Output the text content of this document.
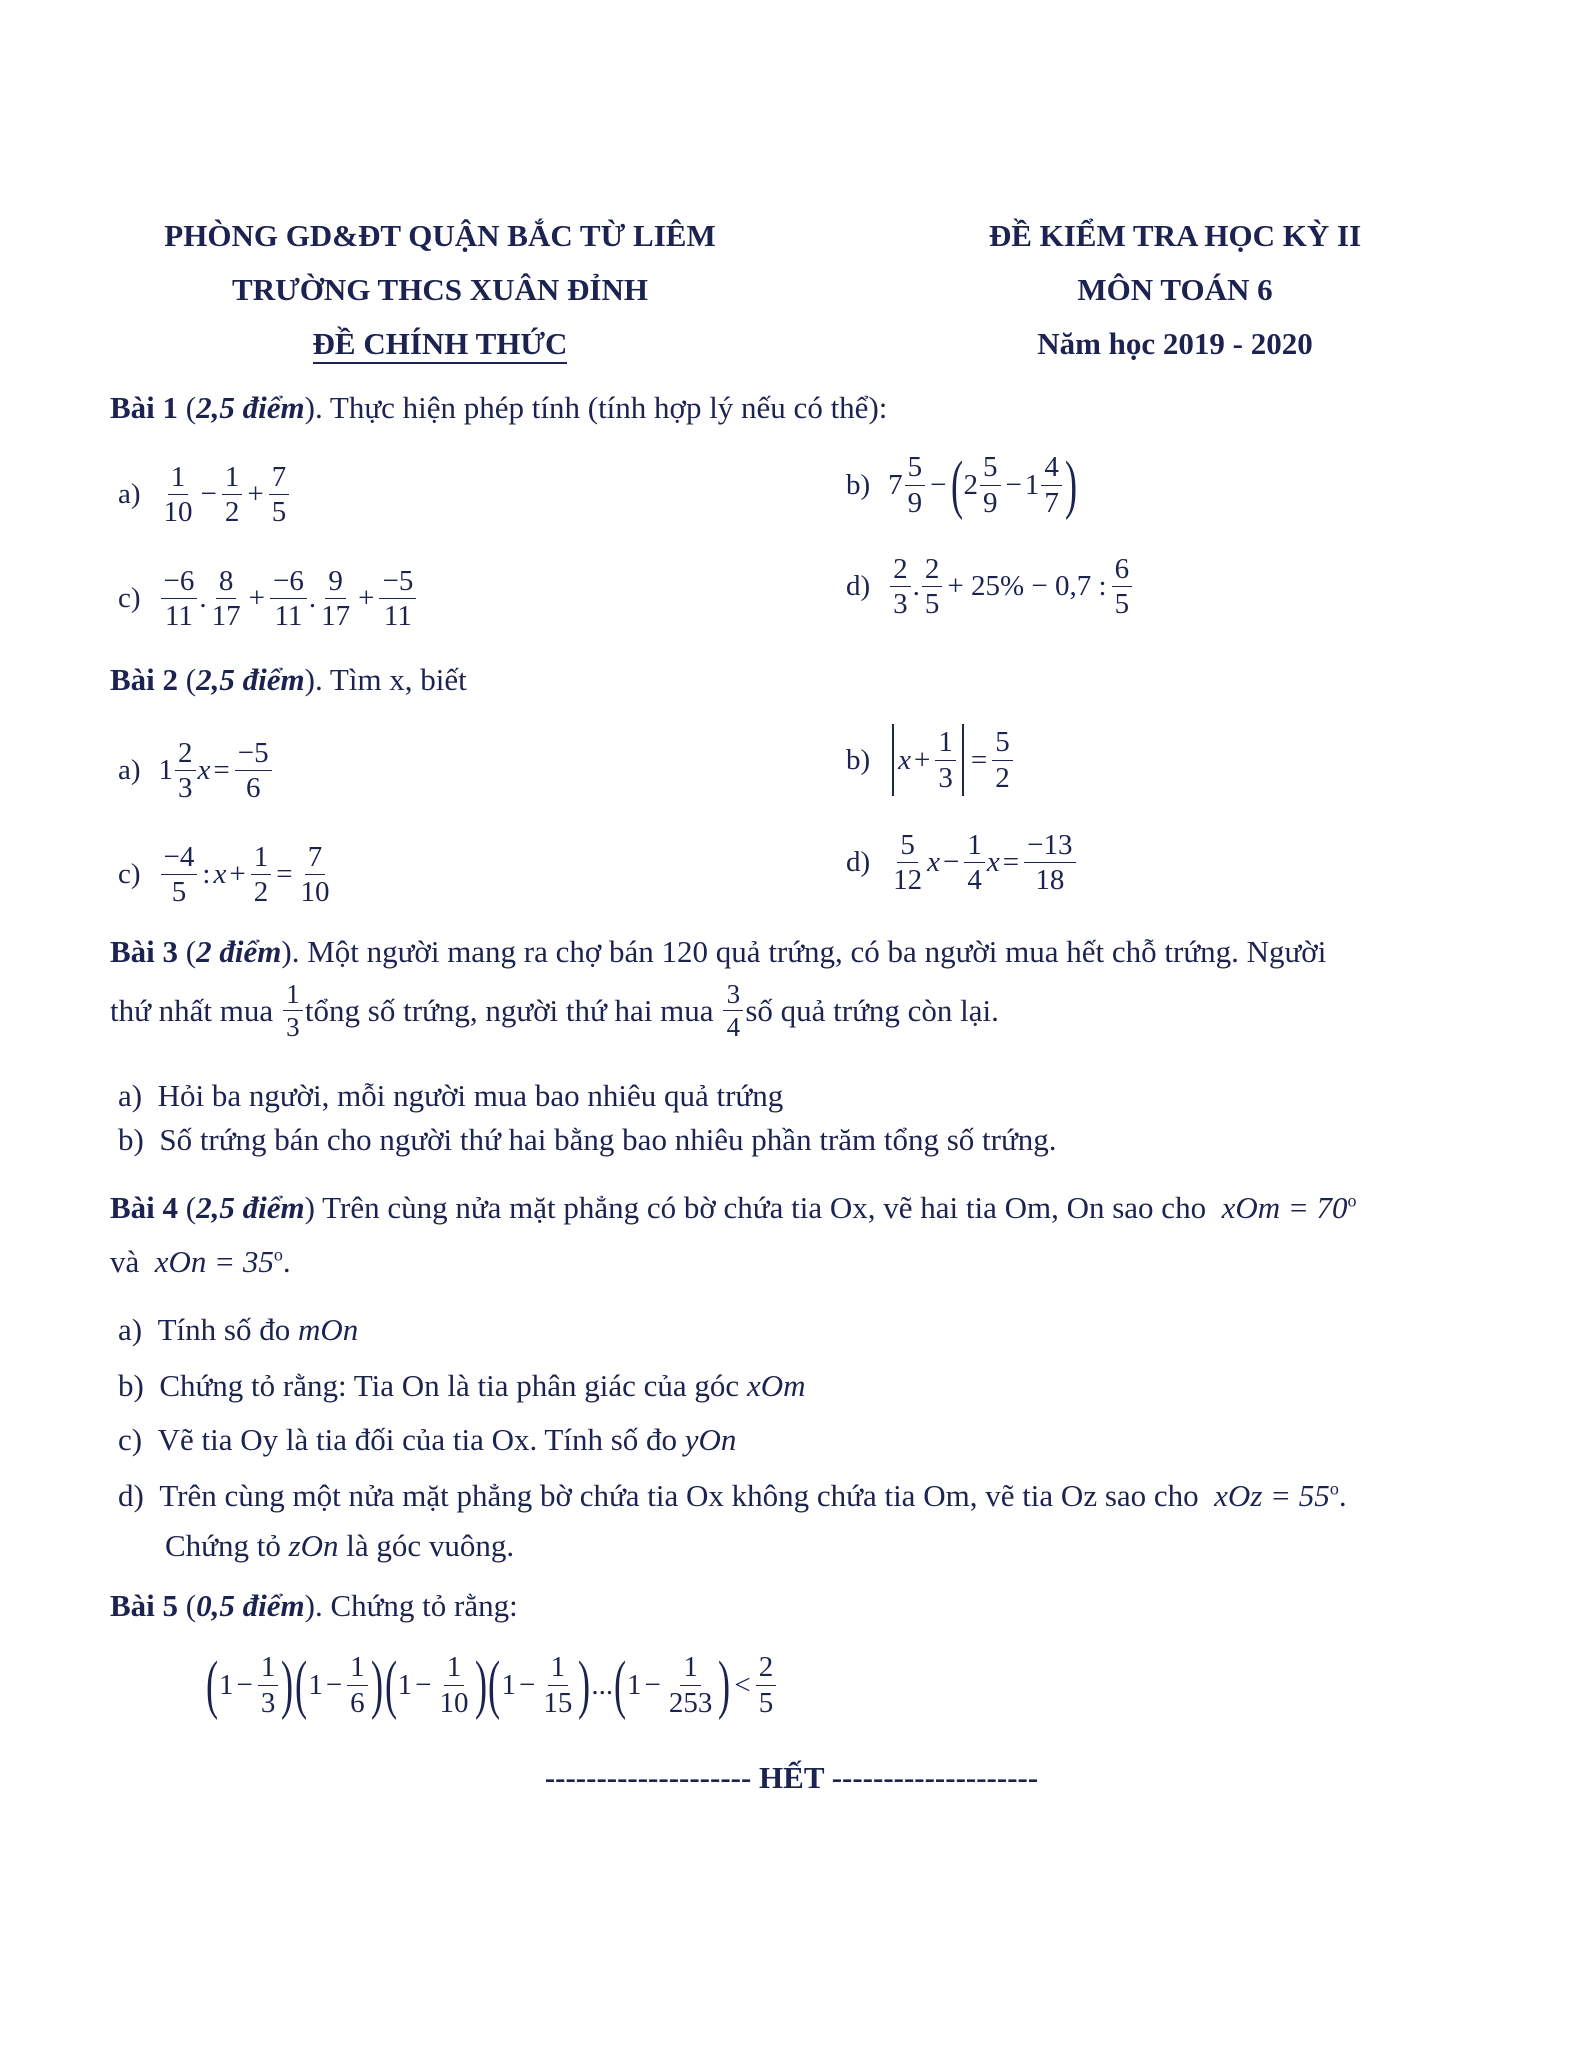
PHÒNG GD&ĐT QUẬN BẮC TỪ LIÊM
TRƯỜNG THCS XUÂN ĐỈNH
ĐỀ CHÍNH THỨC
ĐỀ KIỂM TRA HỌC KỲ II
MÔN TOÁN 6
Năm học 2019 - 2020
Bài 1 (2,5 điểm). Thực hiện phép tính (tính hợp lý nếu có thể):
$a) \frac{1}{10} - \frac{1}{2} + \frac{7}{5}$	b) $7 \frac{5}{9}$ − ( $2 \frac{5}{9} - 1 \frac{4}{7}$ )
$c) \frac{-6}{11}$ . $\frac{8}{17} + \frac{-6}{11}$ . $\frac{9}{17} + \frac{-5}{11}$	$d) \frac{2}{3}$ . $\frac{2}{5} + 25\% - 0,7$ : $\frac{6}{5}$
Bài 2 (2,5 điểm). Tìm x, biết
a) $1 \frac{2}{3}$ $x = \frac{-5}{6}$	b) $x + \frac{1}{3} = \frac{5}{2}$
$c) \frac{-4}{5}$ : $x + \frac{1}{2} = \frac{7}{10}$	$d) \frac{5}{12}$ $x - \frac{1}{4}$ $x = \frac{-13}{18}$
Bài 3 (2 điểm). Một người mang ra chợ bán 120 quả trứng, có ba người mua hết chỗ trứng. Người
thứ nhất mua
$\frac{1}{3}$ tổng số trứng, người thứ hai mua
$\frac{3}{4}$ số quả trứng còn lại.
a) Hỏi ba người, mỗi người mua bao nhiêu quả trứng
b) Số trứng bán cho người thứ hai bằng bao nhiêu phần trăm tổng số trứng.
Bài 4 (2,5 điểm) Trên cùng nửa mặt phẳng có bờ chứa tia Ox, vẽ hai tia Om, On sao cho xOm = $70^o$
và xOn = $35^o$.
a) Tính số đo mOn
b) Chứng tỏ rằng: Tia On là tia phân giác của góc xOm
c) Vẽ tia Oy là tia đối của tia Ox. Tính số đo yOn
d) Trên cùng một nửa mặt phẳng bờ chứa tia Ox không chứa tia Om, vẽ tia Oz sao cho xOz = $55^o$.
Chứng tỏ zOn là góc vuông.
Bài 5 (0,5 điểm). Chứng tỏ rằng:
( $1 - \frac{1}{3}$ ) ( $1 - \frac{1}{6}$ ) ( $1 - \frac{1}{10}$ ) ( $1 - \frac{1}{15}$ ) ... ( $1 - \frac{1}{253}$ ) < $\frac{2}{5}$
-------------------- HẾT --------------------
